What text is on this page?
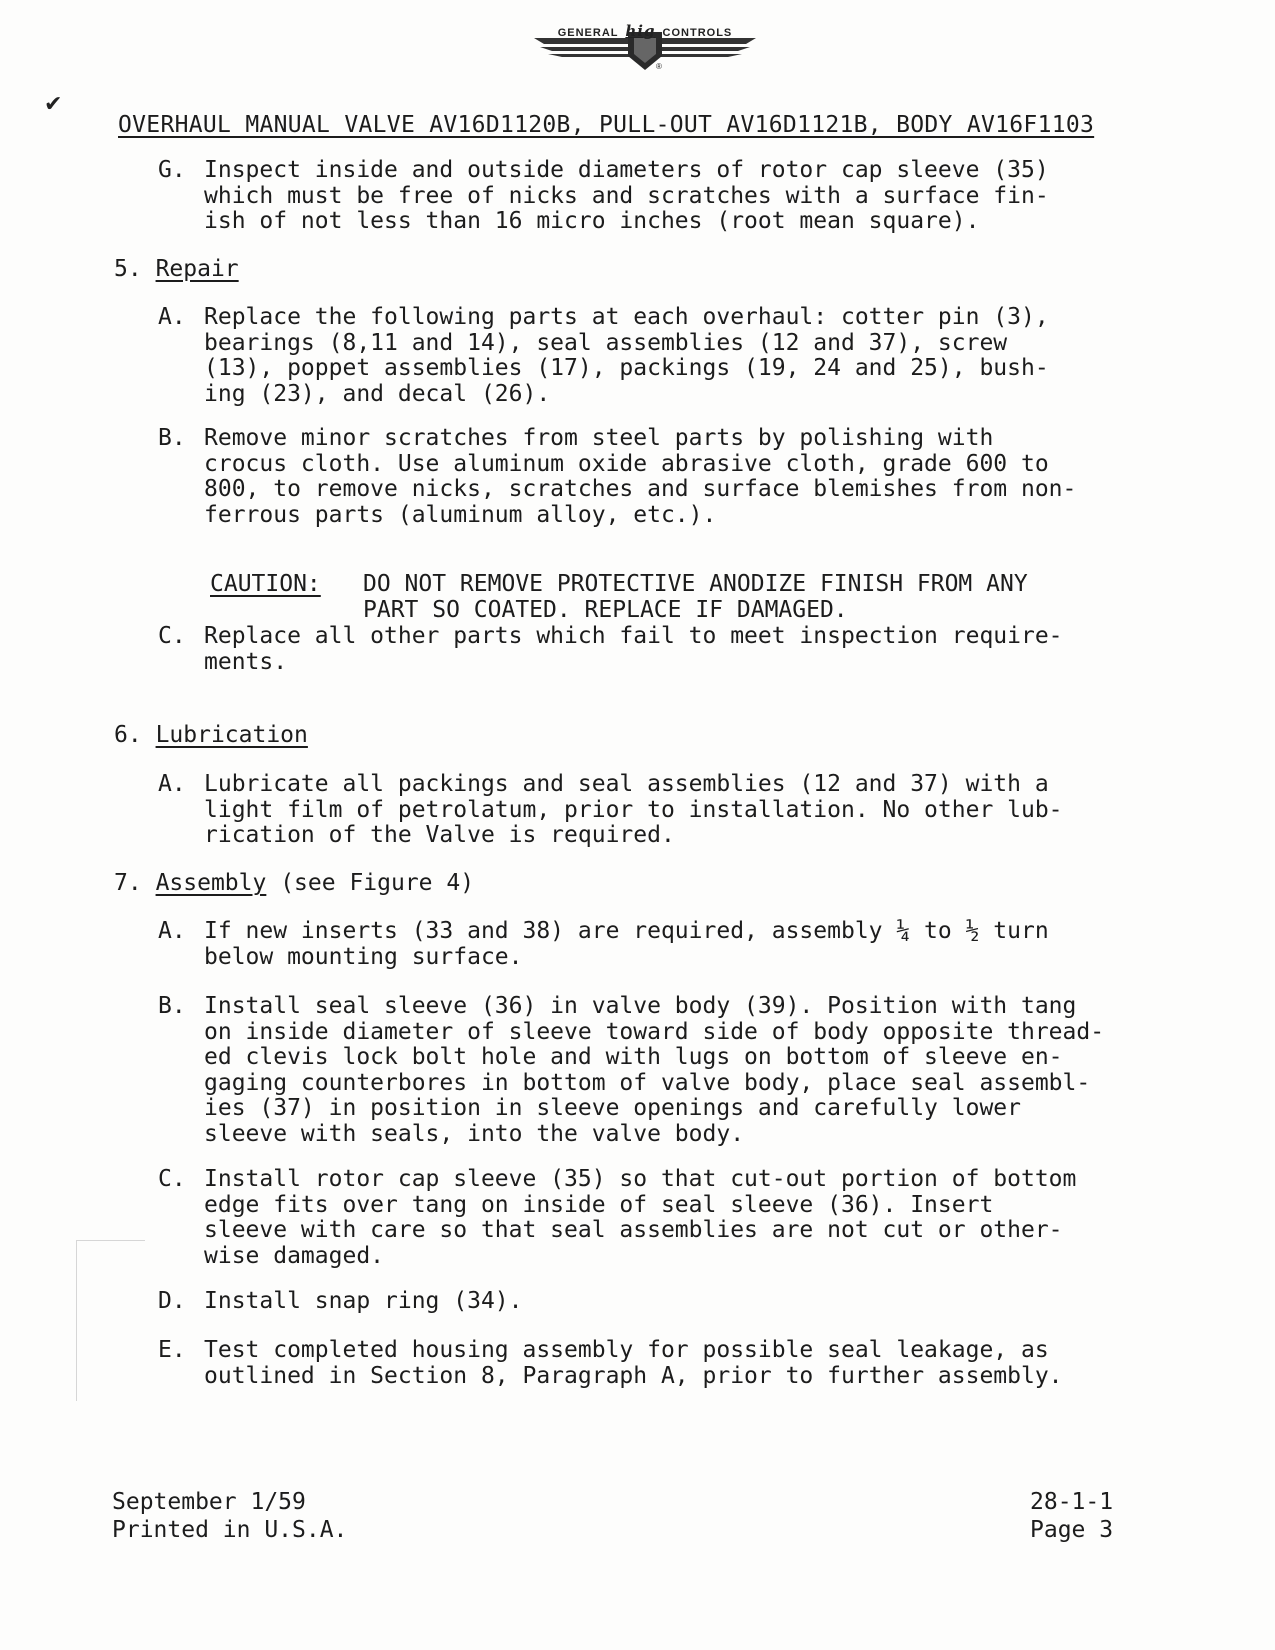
GENERAL hig CONTROLS
®
✔
OVERHAUL MANUAL VALVE AV16D1120B, PULL-OUT AV16D1121B, BODY AV16F1103
G. Inspect inside and outside diameters of rotor cap sleeve (35)
which must be free of nicks and scratches with a surface fin-
ish of not less than 16 micro inches (root mean square).
5. Repair
A. Replace the following parts at each overhaul: cotter pin (3),
bearings (8,11 and 14), seal assemblies (12 and 37), screw
(13), poppet assemblies (17), packings (19, 24 and 25), bush-
ing (23), and decal (26).
B. Remove minor scratches from steel parts by polishing with
crocus cloth. Use aluminum oxide abrasive cloth, grade 600 to
800, to remove nicks, scratches and surface blemishes from non-
ferrous parts (aluminum alloy, etc.).
CAUTION: DO NOT REMOVE PROTECTIVE ANODIZE FINISH FROM ANY
PART SO COATED. REPLACE IF DAMAGED.
C. Replace all other parts which fail to meet inspection require-
ments.
6. Lubrication
A. Lubricate all packings and seal assemblies (12 and 37) with a
light film of petrolatum, prior to installation. No other lub-
rication of the Valve is required.
7. Assembly (see Figure 4)
A. If new inserts (33 and 38) are required, assembly ¼ to ½ turn
below mounting surface.
B. Install seal sleeve (36) in valve body (39). Position with tang
on inside diameter of sleeve toward side of body opposite thread-
ed clevis lock bolt hole and with lugs on bottom of sleeve en-
gaging counterbores in bottom of valve body, place seal assembl-
ies (37) in position in sleeve openings and carefully lower
sleeve with seals, into the valve body.
C. Install rotor cap sleeve (35) so that cut-out portion of bottom
edge fits over tang on inside of seal sleeve (36). Insert
sleeve with care so that seal assemblies are not cut or other-
wise damaged.
D. Install snap ring (34).
E. Test completed housing assembly for possible seal leakage, as
outlined in Section 8, Paragraph A, prior to further assembly.
September 1/59
Printed in U.S.A.
28-1-1
Page 3
